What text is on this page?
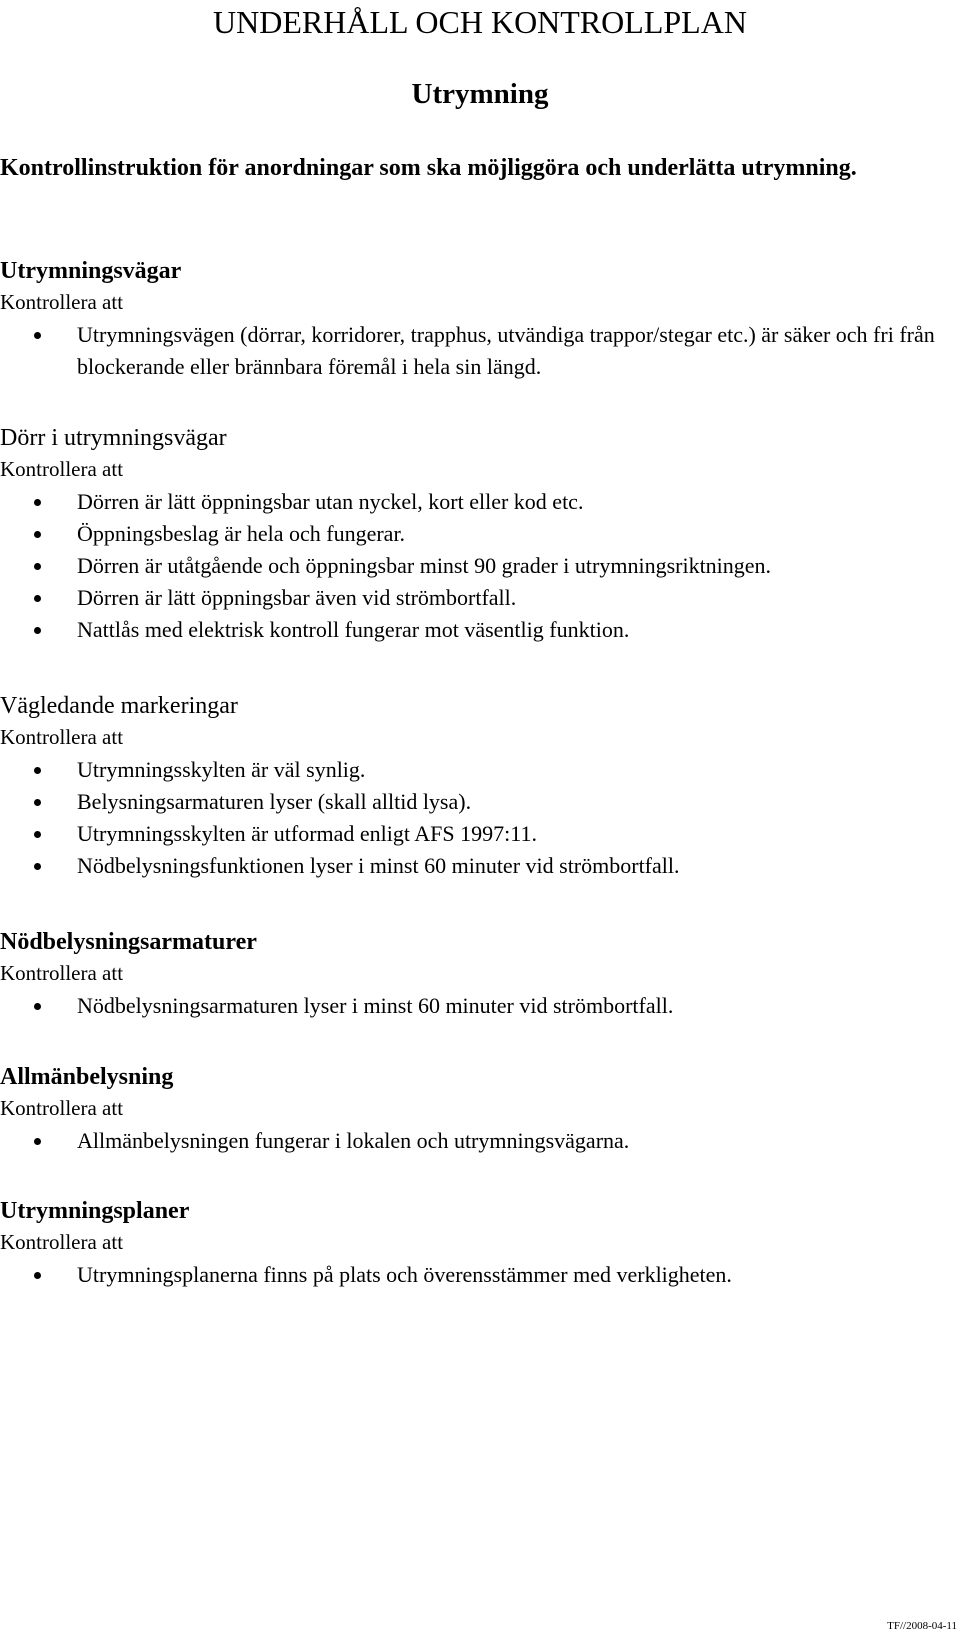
UNDERHÅLL OCH KONTROLLPLAN
Utrymning

Kontrollinstruktion för anordningar som ska möjliggöra och underlätta utrymning.

Utrymningsvägar

Kontrollera att

Utrymningsvägen (dörrar, korridorer, trapphus, utvändiga trappor/stegar etc.) är säker och fri från blockerande eller brännbara föremål i hela sin längd.
Dörr i utrymningsvägar

Kontrollera att

Dörren är lätt öppningsbar utan nyckel, kort eller kod etc.
Öppningsbeslag är hela och fungerar.
Dörren är utåtgående och öppningsbar minst 90 grader i utrymningsriktningen.
Dörren är lätt öppningsbar även vid strömbortfall.
Nattlås med elektrisk kontroll fungerar mot väsentlig funktion.
Vägledande markeringar

Kontrollera att

Utrymningsskylten är väl synlig.
Belysningsarmaturen lyser (skall alltid lysa).
Utrymningsskylten är utformad enligt AFS 1997:11.
Nödbelysningsfunktionen lyser i minst 60 minuter vid strömbortfall.
Nödbelysningsarmaturer

Kontrollera att

Nödbelysningsarmaturen lyser i minst 60 minuter vid strömbortfall.
Allmänbelysning

Kontrollera att

Allmänbelysningen fungerar i lokalen och utrymningsvägarna.
Utrymningsplaner

Kontrollera att

Utrymningsplanerna finns på plats och överensstämmer med verkligheten.
TF//2008-04-11
